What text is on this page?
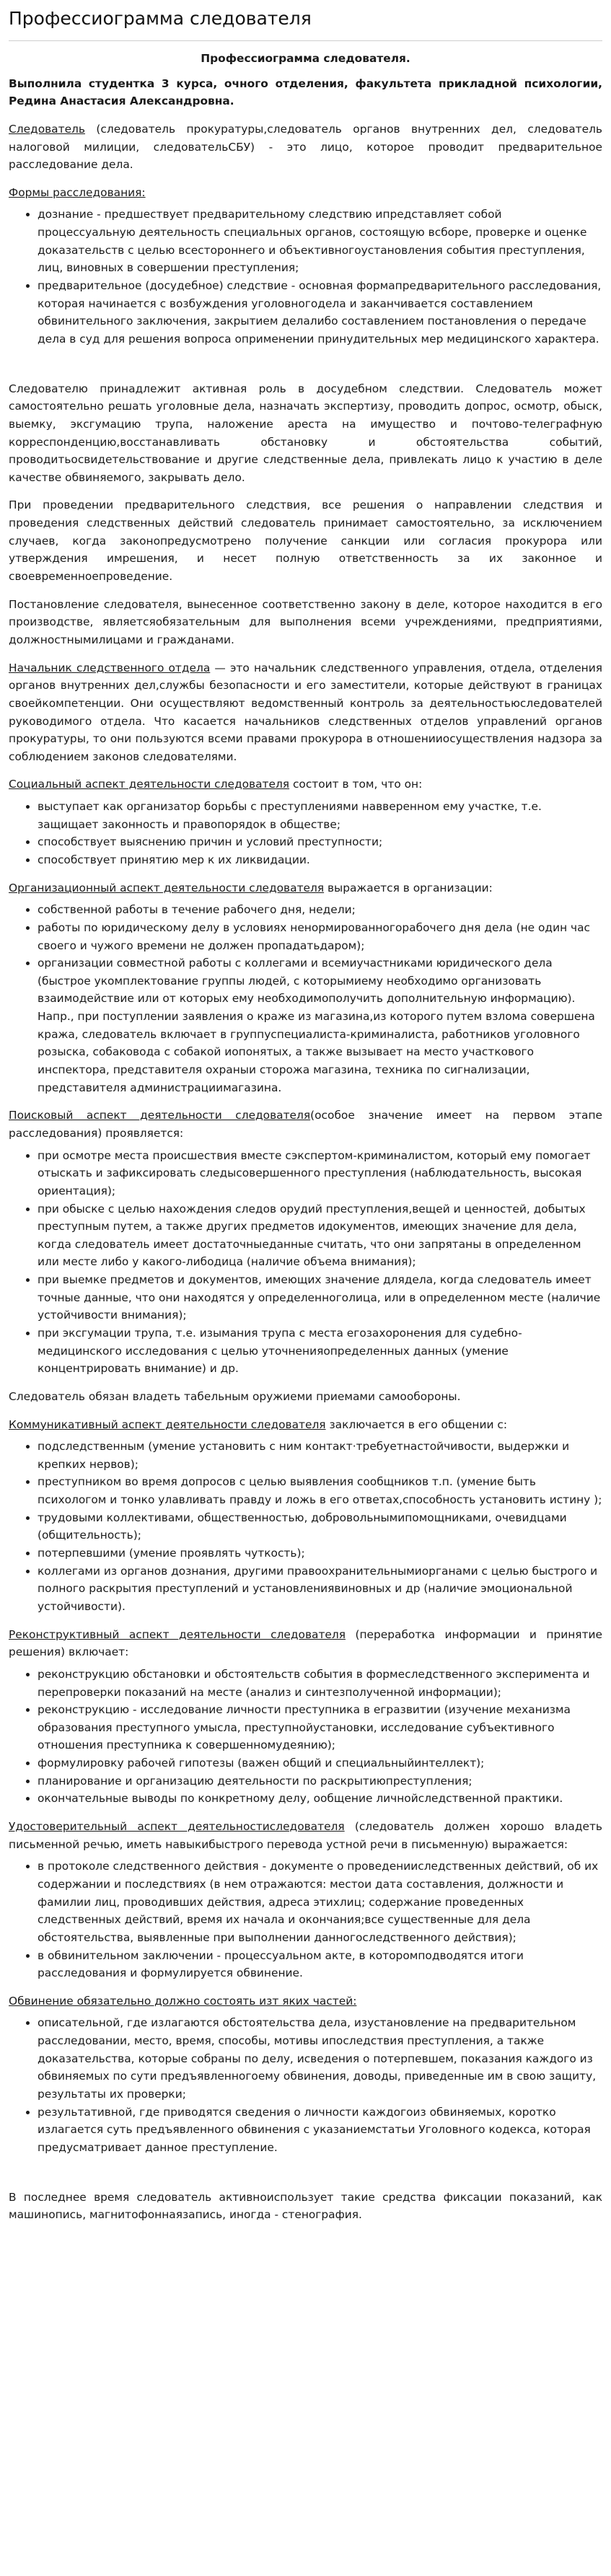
Профессиограмма следователя
Профессиограмма следователя.

Выполнила студентка 3 курса, очного отделения, факультета прикладной психологии, Редина Анастасия Александровна.

Следователь (следователь прокуратуры,следователь органов внутренних дел, следователь налоговой милиции, следовательСБУ) - это лицо, которое проводит предварительное расследование дела.

Формы расследования:

• дознание - предшествует предварительному следствию ипредставляет собой процессуальную деятельность специальных органов, состоящую всборе, проверке и оценке доказательств с целью всестороннего и объективногоустановления события преступления, лиц, виновных в совершении преступления;
• предварительное (досудебное) следствие - основная формапредварительного расследования, которая начинается с возбуждения уголовногодела и заканчивается составлением обвинительного заключения, закрытием делалибо составлением постановления о передаче дела в суд для решения вопроса оприменении принудительных мер медицинского характера.

Следователю принадлежит активная роль в досудебном следствии. Следователь может самостоятельно решать уголовные дела, назначать экспертизу, проводить допрос, осмотр, обыск, выемку, эксгумацию трупа, наложение ареста на имущество и почтово-телеграфную корреспонденцию,восстанавливать обстановку и обстоятельства событий, проводитьосвидетельствование и другие следственные дела, привлекать лицо к участию в деле качестве обвиняемого, закрывать дело.

При проведении предварительного следствия, все решения о направлении следствия и проведения следственных действий следователь принимает самостоятельно, за исключением случаев, когда законопредусмотрено получение санкции или согласия прокурора или утверждения имрешения, и несет полную ответственность за их законное и своевременноепроведение.

Постановление следователя, вынесенное соответственно закону в деле, которое находится в его производстве, являетсяобязательным для выполнения всеми учреждениями, предприятиями, должностнымилицами и гражданами.

Начальник следственного отдела — это начальник следственного управления, отдела, отделения органов внутренних дел,службы безопасности и его заместители, которые действуют в границах своейкомпетенции. Они осуществляют ведомственный контроль за деятельностьюследователей руководимого отдела. Что касается начальников следственных отделов управлений органов прокуратуры, то они пользуются всеми правами прокурора в отношенииосуществления надзора за соблюдением законов следователями.

Социальный аспект деятельности следователя состоит в том, что он:

• выступает как организатор борьбы с преступлениями навверенном ему участке, т.е. защищает законность и правопорядок в обществе;
• способствует выяснению причин и условий преступности;
• способствует принятию мер к их ликвидации.

Организационный аспект деятельности следователя выражается в организации:

• собственной работы в течение рабочего дня, недели;
• работы по юридическому делу в условиях ненормированногорабочего дня дела (не один час своего и чужого времени не должен пропадатьдаром);
• организации совместной работы с коллегами и всемиучастниками юридического дела (быстрое укомплектование группы людей, с которымиему необходимо организовать взаимодействие или от которых ему необходимополучить дополнительную информацию). Напр., при поступлении заявления о краже из магазина,из которого путем взлома совершена кража, следователь включает в группуспециалиста-криминалиста, работников уголовного розыска, собаковода с собакой иопонятых, а также вызывает на место участкового инспектора, представителя охраныи сторожа магазина, техника по сигнализации, представителя администрациимагазина.

Поисковый аспект деятельности следователя(особое значение имеет на первом этапе расследования) проявляется:

• при осмотре места происшествия вместе сэкспертом-криминалистом, который ему помогает отыскать и зафиксировать следысовершенного преступления (наблюдательность, высокая ориентация);
• при обыске с целью нахождения следов орудий преступления,вещей и ценностей, добытых преступным путем, а также других предметов идокументов, имеющих значение для дела, когда следователь имеет достаточныеданные считать, что они запрятаны в определенном или месте либо у какого-либодица (наличие объема внимания);
• при выемке предметов и документов, имеющих значение длядела, когда следователь имеет точные данные, что они находятся у определенноголица, или в определенном месте (наличие устойчивости внимания);
• при эксгумации трупа, т.е. изымания трупа с места егозахоронения для судебно-медицинского исследования с целью уточненияопределенных данных (умение концентрировать внимание) и др.

Следователь обязан владеть табельным оружиеми приемами самообороны.

Коммуникативный аспект деятельности следователя заключается в его общении с:

• подследственным (умение установить с ним контакт·требуетнастойчивости, выдержки и крепких нервов);
• преступником во время допросов с целью выявления сообщников т.п. (умение быть психологом и тонко улавливать правду и ложь в его ответах,способность установить истину );
• трудовыми коллективами, общественностью, добровольнымипомощниками, очевидцами (общительность);
• потерпевшими (умение проявлять чуткость);
• коллегами из органов дознания, другими правоохранительнымиорганами с целью быстрого и полного раскрытия преступлений и установлениявиновных и др (наличие эмоциональной устойчивости).

Реконструктивный аспект деятельности следователя (переработка информации и принятие решения) включает:

• реконструкцию обстановки и обстоятельств события в формеследственного эксперимента и перепроверки показаний на месте (анализ и синтезполученной информации);
• реконструкцию - исследование личности преступника в егразвитии (изучение механизма образования преступного умысла, преступнойустановки, исследование субъективного отношения преступника к совершенномудеянию);
• формулировку рабочей гипотезы (важен общий и специальныйинтеллект);
• планирование и организацию деятельности по раскрытиюпреступления;
• окончательные выводы по конкретному делу, ообщение личнойследственной практики.

Удостоверительный аспект деятельностиследователя (следователь должен хорошо владеть письменной речью, иметь навыкибыстрого перевода устной речи в письменную) выражается:

• в протоколе следственного действия - документе о проведенииследственных действий, об их содержании и последствиях (в нем отражаются: местои дата составления, должности и фамилии лиц, проводивших действия, адреса этихлиц; содержание проведенных следственных действий, время их начала и окончания;все существенные для дела обстоятельства, выявленные при выполнении данногоследственного действия);
• в обвинительном заключении - процессуальном акте, в которомподводятся итоги расследования и формулируется обвинение.

Обвинение обязательно должно состоять изт яких частей:

• описательной, где излагаются обстоятельства дела, изустановление на предварительном расследовании, место, время, способы, мотивы ипоследствия преступления, а также доказательства, которые собраны по делу, исведения о потерпевшем, показания каждого из обвиняемых по сути предъявленногоему обвинения, доводы, приведенные им в свою защиту, результаты их проверки;
• результативной, где приводятся сведения о личности каждогоиз обвиняемых, коротко излагается суть предъявленного обвинения с указаниемстатьи Уголовного кодекса, которая предусматривает данное преступление.

В последнее время следователь активноиспользует такие средства фиксации показаний, как машинопись, магнитофоннаязапись, иногда - стенография.
